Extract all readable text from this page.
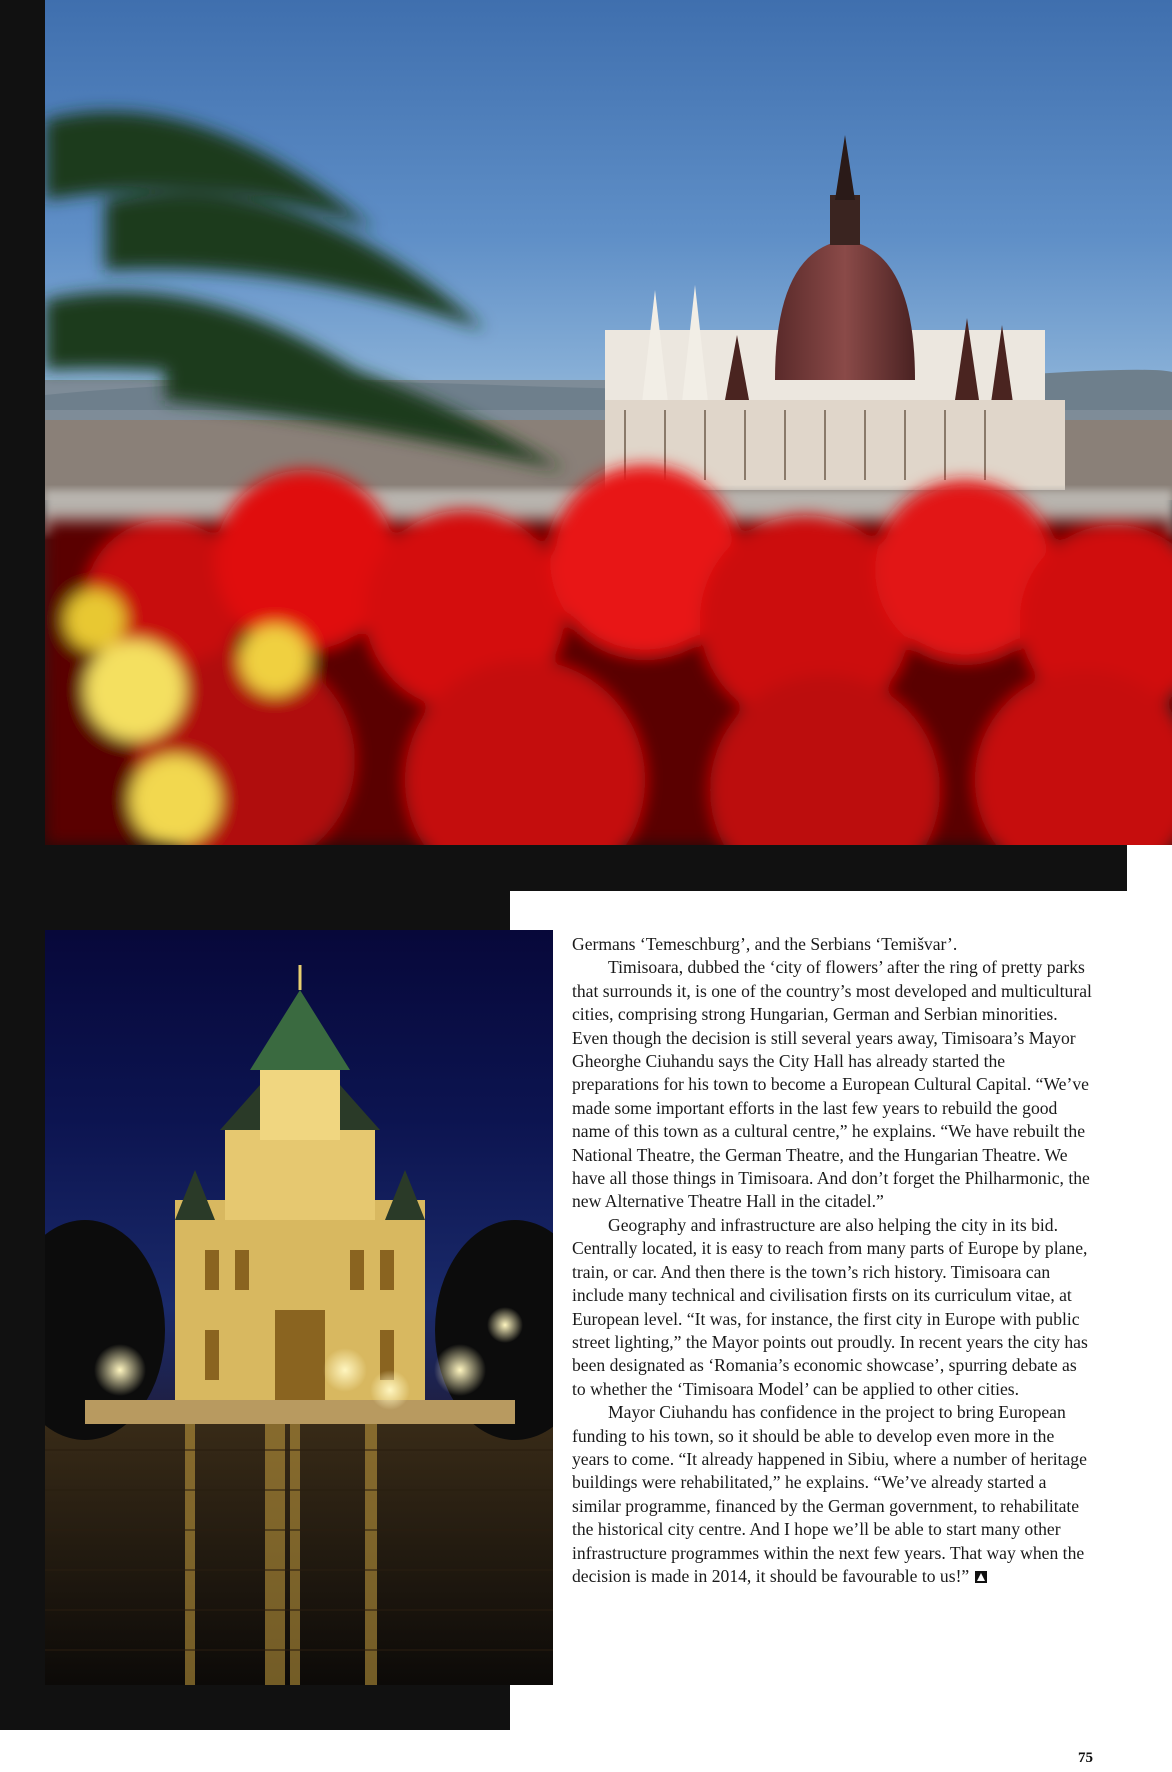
Germans ‘Temeschburg’, and the Serbians ‘Temišvar’.

Timisoara, dubbed the ‘city of flowers’ after the ring of pretty parks that surrounds it, is one of the country’s most developed and multicultural cities, comprising strong Hungarian, German and Serbian minorities. Even though the decision is still several years away, Timisoara’s Mayor Gheorghe Ciuhandu says the City Hall has already started the preparations for his town to become a European Cultural Capital. “We’ve made some important efforts in the last few years to rebuild the good name of this town as a cultural centre,” he explains. “We have rebuilt the National Theatre, the German Theatre, and the Hungarian Theatre. We have all those things in Timisoara. And don’t forget the Philharmonic, the new Alternative Theatre Hall in the citadel.”

Geography and infrastructure are also helping the city in its bid. Centrally located, it is easy to reach from many parts of Europe by plane, train, or car. And then there is the town’s rich history. Timisoara can include many technical and civilisation firsts on its curriculum vitae, at European level. “It was, for instance, the first city in Europe with public street lighting,” the Mayor points out proudly. In recent years the city has been designated as ‘Romania’s economic showcase’, spurring debate as to whether the ‘Timisoara Model’ can be applied to other cities.

Mayor Ciuhandu has confidence in the project to bring European funding to his town, so it should be able to develop even more in the years to come. “It already happened in Sibiu, where a number of heritage buildings were rehabilitated,” he explains. “We’ve already started a similar programme, financed by the German government, to rehabilitate the historical city centre. And I hope we’ll be able to start many other infrastructure programmes within the next few years. That way when the decision is made in 2014, it should be favourable to us!”

75
